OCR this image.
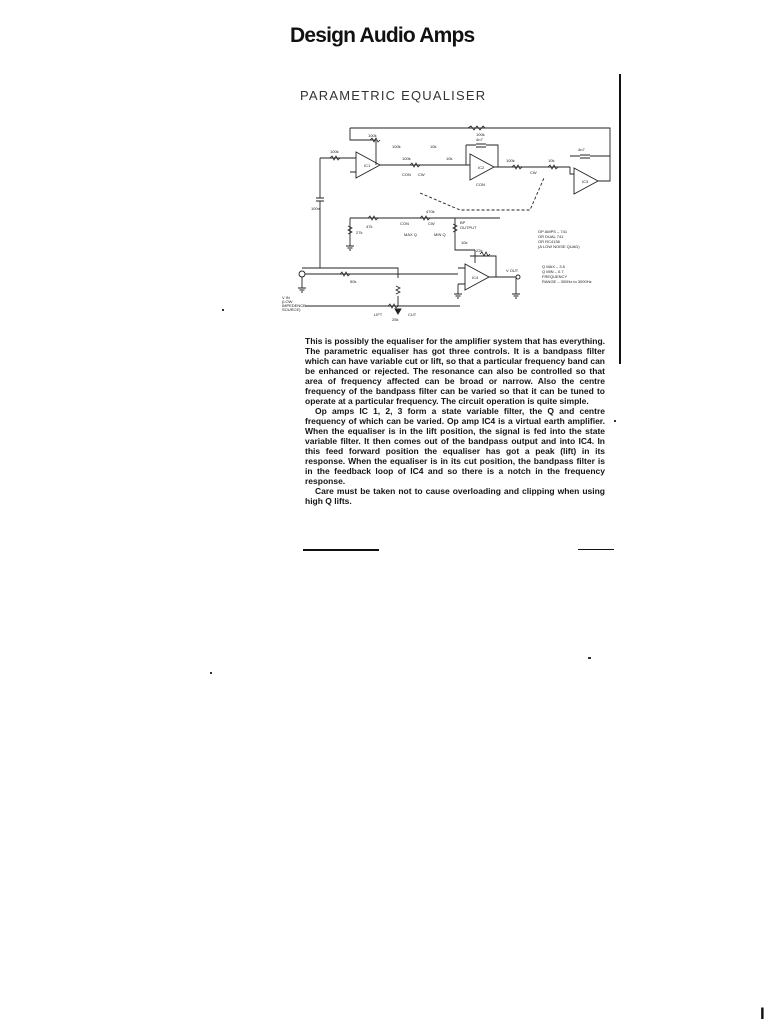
Design Audio Amps
PARAMETRIC EQUALISER
100k
100k
100k
100n
IC1
100k
CON CW
10k
IC2
4n7
CON
100k
CW
10k
IC3
4n7
47k
CON	CW
470k
MAX Q	MIN Q
BP
OUTPUT
27k
10k
OP AMPS – 741
OR DUAL 741
OR RC4136
(A LOW NOISE QUAD)
22k
IC4
V OUT
Q MAX – 3.5
Q MIN – 0.7
FREQUENCY
RANGE – 300Hz to 3000Hz
50k
LIFT
25k
CUT
V IN
(LOW
IMPEDENCE
SOURCE)
100k	10k

This is possibly the equaliser for the amplifier system that has everything. The parametric equaliser has got three controls. It is a bandpass filter which can have variable cut or lift, so that a particular frequency band can be enhanced or rejected. The resonance can also be controlled so that area of frequency affected can be broad or narrow. Also the centre frequency of the bandpass filter can be varied so that it can be tuned to operate at a particular frequency. The circuit operation is quite simple.

Op amps IC 1, 2, 3 form a state variable filter, the Q and centre frequency of which can be varied. Op amp IC4 is a virtual earth amplifier. When the equaliser is in the lift position, the signal is fed into the state variable filter. It then comes out of the bandpass output and into IC4. In this feed forward position the equaliser has got a peak (lift) in its response. When the equaliser is in its cut position, the bandpass filter is in the feedback loop of IC4 and so there is a notch in the frequency response.

Care must be taken not to cause overloading and clipping when using high Q lifts.

I
